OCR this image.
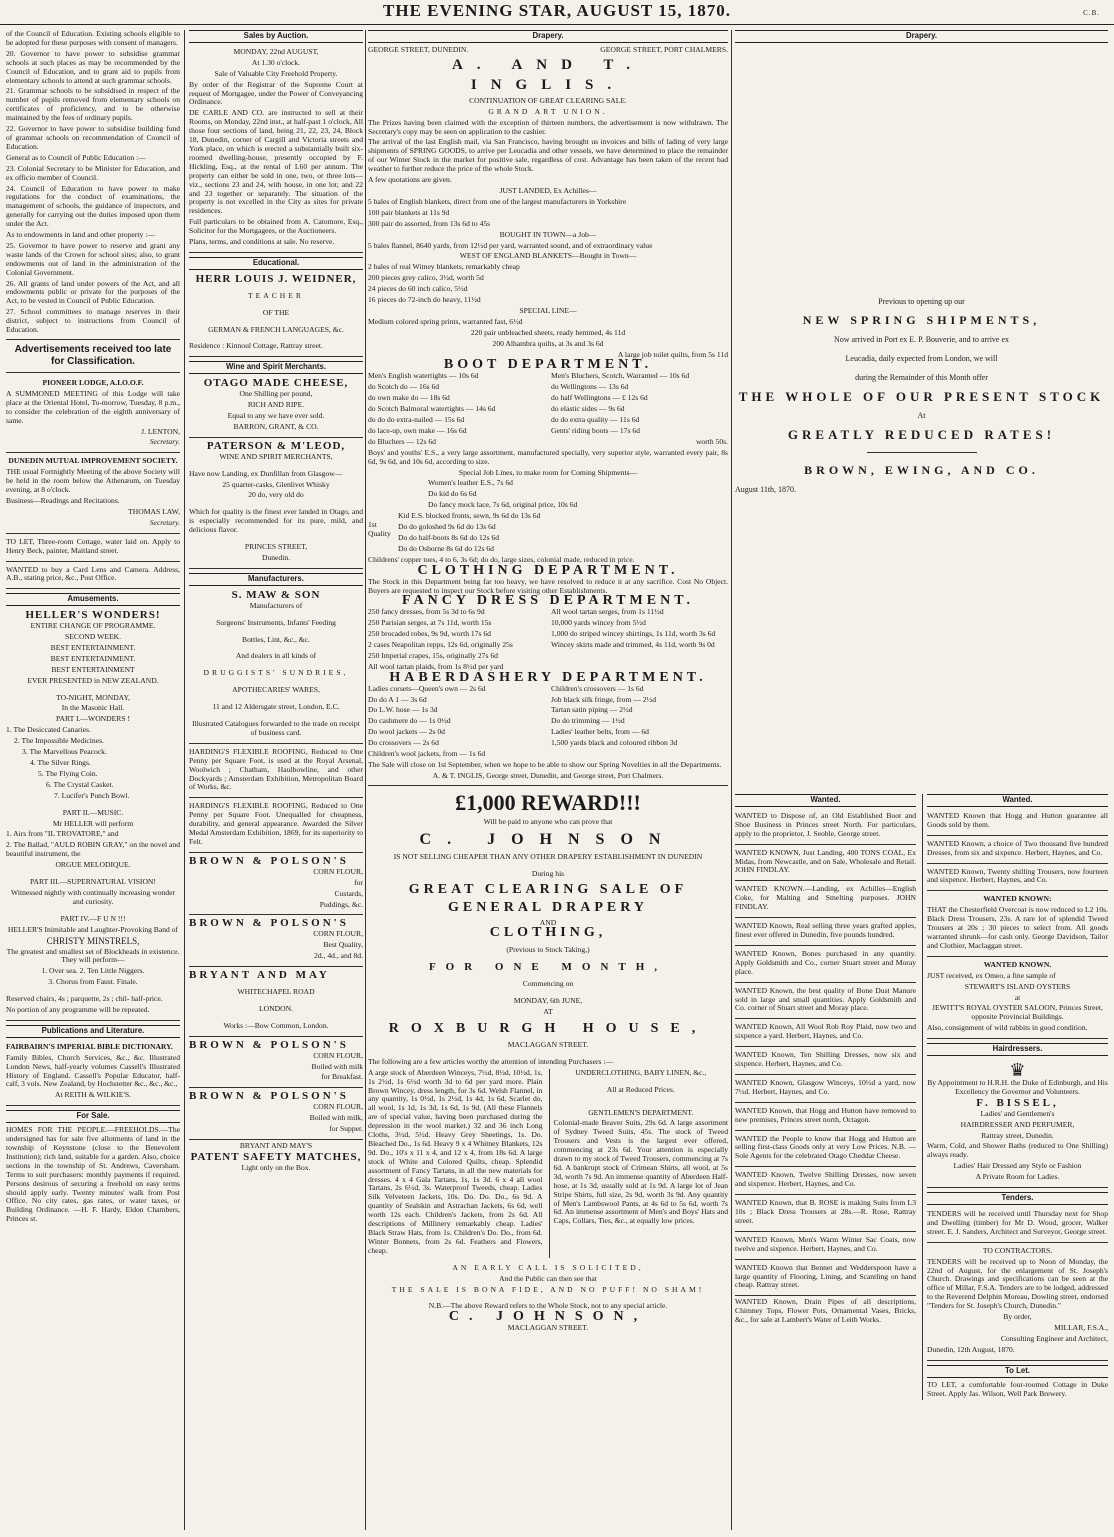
THE EVENING STAR, AUGUST 15, 1870.	C.B.

of the Council of Education. Existing schools eligible to be adopted for these purposes with consent of managers.

20. Governor to have power to subsidise grammar schools at such places as may be recommended by the Council of Education, and to grant aid to pupils from elementary schools to attend at such grammar schools.

21. Grammar schools to be subsidised in respect of the number of pupils removed from elementary schools on certificates of proficiency, and to be otherwise maintained by the fees of ordinary pupils.

22. Governor to have power to subsidise building fund of grammar schools on recommendation of Council of Education.

General as to Council of Public Education :—

23. Colonial Secretary to be Minister for Education, and ex officio member of Council.

24. Council of Education to have power to make regulations for the conduct of examinations, the management of schools, the guidance of inspectors, and generally for carrying out the duties imposed upon them under the Act.

As to endowments in land and other property :—

25. Governor to have power to reserve and grant any waste lands of the Crown for school sites; also, to grant endowments out of land in the administration of the Colonial Government.

26. All grants of land under powers of the Act, and all endowments public or private for the purposes of the Act, to be vested in Council of Public Education.

27. School committees to manage reserves in their district, subject to instructions from Council of Education.

Advertisements received too late
for Classification.

PIONEER LODGE, A.I.O.O.F.

A SUMMONED MEETING of this Lodge will take place at the Oriental Hotel, To-morrow, Tuesday, 8 p.m., to consider the celebration of the eighth anniversary of same.

J. LENTON,

Secretary.

DUNEDIN MUTUAL IMPROVEMENT SOCIETY.

THE usual Fortnightly Meeting of the above Society will be held in the room below the Athenæum, on Tuesday evening, at 8 o'clock.

Business—Readings and Recitations.

THOMAS LAW,

Secretary.

TO LET, Three-room Cottage, water laid on. Apply to Henry Beck, painter, Maitland street.

WANTED to buy a Card Lens and Camera. Address, A.B., stating price, &c., Post Office.

Amusements.

HELLER'S WONDERS!

ENTIRE CHANGE OF PROGRAMME.

SECOND WEEK.

BEST ENTERTAINMENT.

BEST ENTERTAINMENT.

BEST ENTERTAINMENT

EVER PRESENTED in NEW ZEALAND.

TO-NIGHT, MONDAY,

In the Masonic Hall.

PART I.—WONDERS !

1. The Desiccated Canaries.

2. The Impossible Medicines.

3. The Marvellous Peacock.

4. The Silver Rings.

5. The Flying Coin.

6. The Crystal Casket.

7. Lucifer's Punch Bowl.

PART II.—MUSIC.

Mr HELLER will perform

1. Airs from "IL TROVATORE," and

2. The Ballad, "AULD ROBIN GRAY," on the novel and beautiful instrument, the

ORGUE MELODIQUE.

PART III.—SUPERNATURAL VISION!

Witnessed nightly with continually increasing wonder and curiosity.

PART IV.—F U N !!!

HELLER'S Inimitable and Laughter-Provoking Band of

CHRISTY MINSTRELS,

The greatest and smallest set of Blockheads in existence. They will perform—

1. Over sea. 2. Ten Little Niggers.

3. Chorus from Faust. Finale.

Reserved chairs, 4s ; parquette, 2s ; chil- half-price.

No portion of any programme will be repeated.

Publications and Literature.

FAIRBAIRN'S IMPERIAL BIBLE DICTIONARY.

Family Bibles, Church Services, &c., &c. Illustrated London News, half-yearly volumes Cassell's Illustrated History of England. Cassell's Popular Educator, half-calf, 3 vols. New Zealand, by Hochstetter &c., &c., &c.,

At REITH & WILKIE'S.

For Sale.

HOMES FOR THE PEOPLE.—FREEHOLDS.—The undersigned has for sale five allotments of land in the township of Keynstone (close to the Benevolent Institution); rich land, suitable for a garden. Also, choice sections in the township of St. Andrews, Caversham. Terms to suit purchasers: monthly payments if required. Persons desirous of securing a freehold on easy terms should apply early. Twenty minutes' walk from Post Office. No city rates, gas rates, or water taxes, or Building Ordinance. —H. F. Hardy, Eldon Chambers, Princes st.

Sales by Auction.

MONDAY, 22nd AUGUST,

At 1.30 o'clock.

Sale of Valuable City Freehold Property.

By order of the Registrar of the Supreme Court at request of Mortgagee, under the Power of Conveyancing Ordinance.

DE CARLE AND CO. are instructed to sell at their Rooms, on Monday, 22nd inst., at half-past 1 o'clock, All those four sections of land, being 21, 22, 23, 24, Block 18, Dunedin, corner of Cargill and Victoria streets and York place, on which is erected a substantially built six-roomed dwelling-house, presently occupied by F. Hickling, Esq., at the rental of L60 per annum. The property can either be sold in one, two, or three lots—viz., sections 23 and 24, with house, in one lot; and 22 and 23 together or separately. The situation of the property is not excelled in the City as sites for private residences.

Full particulars to be obtained from A. Catomore, Esq., Solicitor for the Mortgagees, or the Auctioneers.

Plans, terms, and conditions at sale. No reserve.

Educational.

HERR LOUIS J. WEIDNER,

TEACHER

OF THE

GERMAN & FRENCH LANGUAGES, &c.

Residence : Kinnoul Cottage, Rattray street.

Wine and Spirit Merchants.

OTAGO MADE CHEESE,

One Shilling per pound,

RICH AND RIPE.

Equal to any we have ever sold.

BARRON, GRANT, & CO.

PATERSON & M'LEOD,

WINE AND SPIRIT MERCHANTS,

Have now Landing, ex Dunfillan from Glasgow—

25 quarter-casks, Glenlivet Whisky

20 do, very old do

Which for quality is the finest ever landed in Otago, and is especially recommended for its pure, mild, and delicious flavor.

PRINCES STREET,

Dunedin.

Manufacturers.

S. MAW & SON

Manufacturers of

Surgeons' Instruments, Infants' Feeding

Bottles, Lint, &c., &c.

And dealers in all kinds of

DRUGGISTS' SUNDRIES,

APOTHECARIES' WARES,

11 and 12 Aldersgate street, London, E.C.

Illustrated Catalogues forwarded to the trade on receipt of business card.

HARDING'S FLEXIBLE ROOFING, Reduced to One Penny per Square Foot, is used at the Royal Arsenal, Woolwich ; Chatham, Haulbowline, and other Dockyards ; Amsterdam Exhibition, Metropolitan Board of Works, &c.

HARDING'S FLEXIBLE ROOFING, Reduced to One Penny per Square Foot. Unequalled for cheapness, durability, and general appearance. Awarded the Silver Medal Amsterdam Exhibition, 1869, for its superiority to Felt.

BROWN & POLSON'S

CORN FLOUR,

for

Custards,

Puddings, &c.

BROWN & POLSON'S

CORN FLOUR,

Best Quality,

2d., 4d., and 8d.

BRYANT AND MAY

WHITECHAPEL ROAD

LONDON.

Works :—Bow Common, London.

BROWN & POLSON'S

CORN FLOUR,

Boiled with milk

for Breakfast.

BROWN & POLSON'S

CORN FLOUR,

Boiled with milk,

for Supper.

BRYANT AND MAY'S

PATENT SAFETY MATCHES,

Light only on the Box.

Drapery.
GEORGE STREET, DUNEDIN.	GEORGE STREET, PORT CHALMERS.

A. AND T. INGLIS.

CONTINUATION OF GREAT CLEARING SALE.

GRAND ART UNION.

The Prizes having been claimed with the exception of thirteen numbers, the advertisement is now withdrawn. The Secretary's copy may be seen on application to the cashier.

The arrival of the last English mail, via San Francisco, having brought us invoices and bills of lading of very large shipments of SPRING GOODS, to arrive per Leucadia and other vessels, we have determined to place the remainder of our Winter Stock in the market for positive sale, regardless of cost. Advantage has been taken of the recent bad weather to further reduce the price of the whole Stock.

A few quotations are given.

JUST LANDED, Ex Achilles—

5 bales of English blankets, direct from one of the largest manufacturers in Yorkshire

100 pair blankets at 11s 9d

300 pair do assorted, from 13s 6d to 45s

BOUGHT IN TOWN—a Job—

5 bales flannel, 8640 yards, from 12½d per yard, warranted sound, and of extraordinary value

WEST OF ENGLAND BLANKETS—Bought in Town—

2 bales of real Witney blankets, remarkably cheap

200 pieces grey calico, 3½d, worth 5d

24 pieces do 60 inch calico, 5½d

16 pieces do 72-inch do heavy, 11½d

SPECIAL LINE—

Medium colored spring prints, warranted fast, 6½d

220 pair unbleached sheets, ready hemmed, 4s 11d

200 Alhambra quilts, at 3s and 3s 6d

A large job toilet quilts, from 5s 11d

BOOT DEPARTMENT.

Men's English watertights — 10s 6d

do Scotch do — 16s 6d

do own make do — 18s 6d

do Scotch Balmoral watertights — 14s 6d

do do do extra-nailed — 15s 6d

do lace-up, own make — 16s 6d

do Bluchers — 12s 6d

Men's Bluchers, Scotch, Warranted — 10s 6d

do Wellingtons — 13s 6d

do half Wellingtons — £ 12s 6d

do elastic sides — 9s 6d

do do extra quality — 11s 6d

Gents' riding boots — 17s 6d

worth 50s.

Boys' and youths' E.S., a very large assortment, manufactured specially, very superior style, warranted every pair, 8s 6d, 9s 6d, and 10s 6d, according to size.

Special Job Lines, to make room for Coming Shipments—

Women's leather E.S., 7s 6d

Do kid do 6s 6d

Do fancy mock lace, 7s 6d, original price, 10s 6d

1st Quality

Kid E.S. blocked fronts, sewn, 9s 6d do 13s 6d

Do do goloshed 9s 6d do 13s 6d

Do do half-boots 8s 6d do 12s 6d

Do do Osborne 8s 6d do 12s 6d

Childrens' copper toes, 4 to 6, 3s 6d; do do, large sizes, colonial made, reduced in price.

CLOTHING DEPARTMENT.

The Stock in this Department being far too heavy, we have resolved to reduce it at any sacrifice. Cost No Object. Buyers are requested to inspect our Stock before visiting other Establishments.

FANCY DRESS DEPARTMENT.

250 fancy dresses, from 5s 3d to 6s 9d

250 Parisian serges, at 7s 11d, worth 15s

250 brocaded robes, 9s 9d, worth 17s 6d

2 cases Neapolitan repps, 12s 6d, originally 25s

250 Imperial crapes, 15s, originally 27s 6d

All wool tartan plaids, from 1s 8½d per yard

All wool tartan serges, from 1s 11½d

10,000 yards wincey from 5½d

1,000 do striped wincey shirtings, 1s 11d, worth 3s 6d

Wincey skirts made and trimmed, 4s 11d, worth 9s 0d

HABERDASHERY DEPARTMENT.

Ladies corsets—Queen's own — 2s 6d

Do do A 1 — 3s 6d

Do L.W. hose — 1s 3d

Do cashmere do — 1s 0½d

Do wool jackets — 2s 0d

Do crossovers — 2s 6d

Children's wool jackets, from — 1s 6d

Children's crossovers — 1s 6d

Job black silk fringe, from — 2½d

Tartan satin piping — 2½d

Do do trimming — 1½d

Ladies' leather belts, from — 6d

1,500 yards black and coloured ribbon 3d

The Sale will close on 1st September, when we hope to be able to show our Spring Novelties in all the Departments.

A. & T. INGLIS, George street, Dunedin, and George street, Port Chalmers.

£1,000 REWARD!!!

Will be paid to anyone who can prove that

C. JOHNSON

IS NOT SELLING CHEAPER THAN ANY OTHER DRAPERY ESTABLISHMENT IN DUNEDIN

During his

GREAT CLEARING SALE OF GENERAL DRAPERY

AND

CLOTHING,

(Previous to Stock Taking,)

FOR ONE MONTH,

Commencing on

MONDAY, 6th JUNE,

AT

ROXBURGH HOUSE,

MACLAGGAN STREET.

The following are a few articles worthy the attention of intending Purchasers :—

A arge stock of Aberdeen Winceys, 7½d, 8½d, 10½d, 1s, 1s 2½d, 1s 6½d worth 3d to 6d per yard more. Plain Brown Wincey, dress length, for 3s 6d. Welsh Flannel, in any quantity, 1s 0½d, 1s 2½d, 1s 4d, 1s 6d. Scarlet do, all wool, 1s 1d, 1s 3d, 1s 6d, 1s 9d. (All these Flannels are of special value, having been purchased during the depression in the wool market.) 32 and 36 inch Long Cloths, 3½d, 5½d. Heavy Grey Sheetings, 1s. Do. Bleached Do., 1s 6d. Heavy 9 x 4 Whitney Blankets, 12s 9d. Do., 10's x 11 x 4, and 12 x 4, from 18s 6d. A large stock of White and Colored Quilts, cheap. Splendid assortment of Fancy Tartans, in all the new materials for dresses. 4 x 4 Gala Tartans, 1s, 1s 3d. 6 x 4 all wool Tartans, 2s 6½d, 3s. Waterproof Tweeds, cheap. Ladies Silk Velveteen Jackets, 10s. Do. Do. Do., 6s 9d. A quantity of Sealskin and Astrachan Jackets, 6s 6d, well worth 12s each. Children's Jackets, from 2s 6d. All descriptions of Millinery remarkably cheap. Ladies' Black Straw Hats, from 1s. Children's Do. Do., from 6d. Winter Bonnets, from 2s 6d. Feathers and Flowers, cheap.

UNDERCLOTHING, BABY LINEN, &c.,

All at Reduced Prices.

GENTLEMEN'S DEPARTMENT.

Colonial-made Beaver Suits, 29s 6d. A large assortment of Sydney Tweed Suits, 45s. The stock of Tweed Trousers and Vests is the largest ever offered, commencing at 23s 6d. Your attention is especially drawn to my stock of Tweed Trousers, commencing at 7s 6d. A bankrupt stock of Crimean Shirts, all wool, at 5s 3d, worth 7s 9d. An immense quantity of Aberdeen Half-hose, at 1s 3d, usually sold at 1s 9d. A large lot of Jean Stripe Shirts, full size, 2s 9d, worth 3s 9d. Any quantity of Men's Lambswool Pants, at 4s 6d to 5s 6d, worth 7s 6d. An immense assortment of Men's and Boys' Hats and Caps, Collars, Ties, &c., at equally low prices.

AN EARLY CALL IS SOLICITED,

And the Public can then see that

THE SALE IS BONA FIDE, AND NO PUFF! NO SHAM!

N.B.—The above Reward refers to the Whole Stock, not to any special article.

C. JOHNSON,

MACLAGGAN STREET.

Drapery.

Previous to opening up our

NEW SPRING SHIPMENTS,

Now arrived in Port ex E. P. Bouverie, and to arrive ex

Leucadia, daily expected from London, we will

during the Remainder of this Month offer

THE WHOLE OF OUR PRESENT STOCK

At

GREATLY REDUCED RATES!

BROWN, EWING, AND CO.

August 11th, 1870.

Wanted.

WANTED to Dispose of, an Old Established Boot and Shoe Business in Princes street North. For particulars, apply to the proprietor, J. Seoble, George street.

WANTED KNOWN, Just Landing, 400 TONS COAL, Ex Midas, from Newcastle, and on Sale, Wholesale and Retail. JOHN FINDLAY.

WANTED KNOWN.—Landing, ex Achilles—English Coke, for Malting and Smelting purposes. JOHN FINDLAY.

WANTED Known, Real selling three years grafted apples, finest ever offered in Dunedin, five pounds hundred.

WANTED Known, Bones purchased in any quantity. Apply Goldsmith and Co., corner Stuart street and Moray place.

WANTED Known, the best quality of Bone Dust Manure sold in large and small quantities. Apply Goldsmith and Co. corner of Stuart street and Moray place.

WANTED Known, All Wool Rob Roy Plaid, now two and sixpence a yard. Herbert, Haynes, and Co.

WANTED Known, Ten Shilling Dresses, now six and sixpence. Herbert, Haynes, and Co.

WANTED Known, Glasgow Winceys, 10½d a yard, now 7½d. Herbert, Haynes, and Co.

WANTED Known, that Hogg and Hutton have removed to new premises, Princes street north, Octagon.

WANTED the People to know that Hogg and Hutton are selling first-class Goods only at very Low Prices. N.B. —Sole Agents for the celebrated Otago Cheddar Cheese.

WANTED Known, Twelve Shilling Dresses, now seven and sixpence. Herbert, Haynes, and Co.

WANTED Known, that B. ROSE is making Suits from L3 10s ; Black Dress Trousers at 28s.—R. Rose, Rattray street.

WANTED Known, Men's Warm Winter Sac Coats, now twelve and sixpence. Herbert, Haynes, and Co.

WANTED Known that Bennet and Wedderspoon have a large quantity of Flooring, Lining, and Scantling on hand cheap. Rattray street.

WANTED Known, Drain Pipes of all descriptions, Chimney Tops, Flower Pots, Ornamental Vases, Bricks, &c., for sale at Lambert's Water of Leith Works.

Wanted.

WANTED Known that Hogg and Hutton guarantee all Goods sold by them.

WANTED Known, a choice of Two thousand five hundred Dresses, from six and sixpence. Herbert, Haynes, and Co.

WANTED Known, Twenty shilling Trousers, now fourteen and sixpence. Herbert, Haynes, and Co.

WANTED KNOWN:

THAT the Chesterfield Overcoat is now reduced to L2 10s. Black Dress Trousers, 23s. A rare lot of splendid Tweed Trousers at 20s ; 30 pieces to select from. All goods warranted shrunk—for cash only. George Davidson, Tailor and Clothier, Maclaggan street.

WANTED KNOWN.

JUST received, ex Omeo, a fine sample of

STEWART'S ISLAND OYSTERS

at

JEWITT'S ROYAL OYSTER SALOON, Princes Street, opposite Provincial Buildings.

Also, consignment of wild rabbits in good condition.

Hairdressers.
♛

By Appointment to H.R.H. the Duke of Edinburgh, and His Excellency the Governor and Volunteers.

F. BISSEL,

Ladies' and Gentlemen's

HAIRDRESSER AND PERFUMER,

Rattray street, Dunedin.

Warm, Cold, and Shower Baths (reduced to One Shilling) always ready.

Ladies' Hair Dressed any Style or Fashion

A Private Room for Ladies.

Tenders.

TENDERS will be received until Thursday next for Shop and Dwelling (timber) for Mr D. Wood, grocer, Walker street. E. J. Sanders, Architect and Surveyor, George street.

TO CONTRACTORS.

TENDERS will be received up to Noon of Monday, the 22nd of August, for the enlargement of St. Joseph's Church. Drawings and specifications can be seen at the office of Millar, F.S.A. Tenders are to be lodged, addressed to the Reverend Delphin Moreau, Dowling street, endorsed "Tenders for St. Joseph's Church, Dunedin."

By order,

MILLAR, F.S.A.,

Consulting Engineer and Architect,

Dunedin, 12th August, 1870.

To Let.

TO LET, a comfortable four-roomed Cottage in Duke Street. Apply Jas. Wilson, Well Park Brewery.
